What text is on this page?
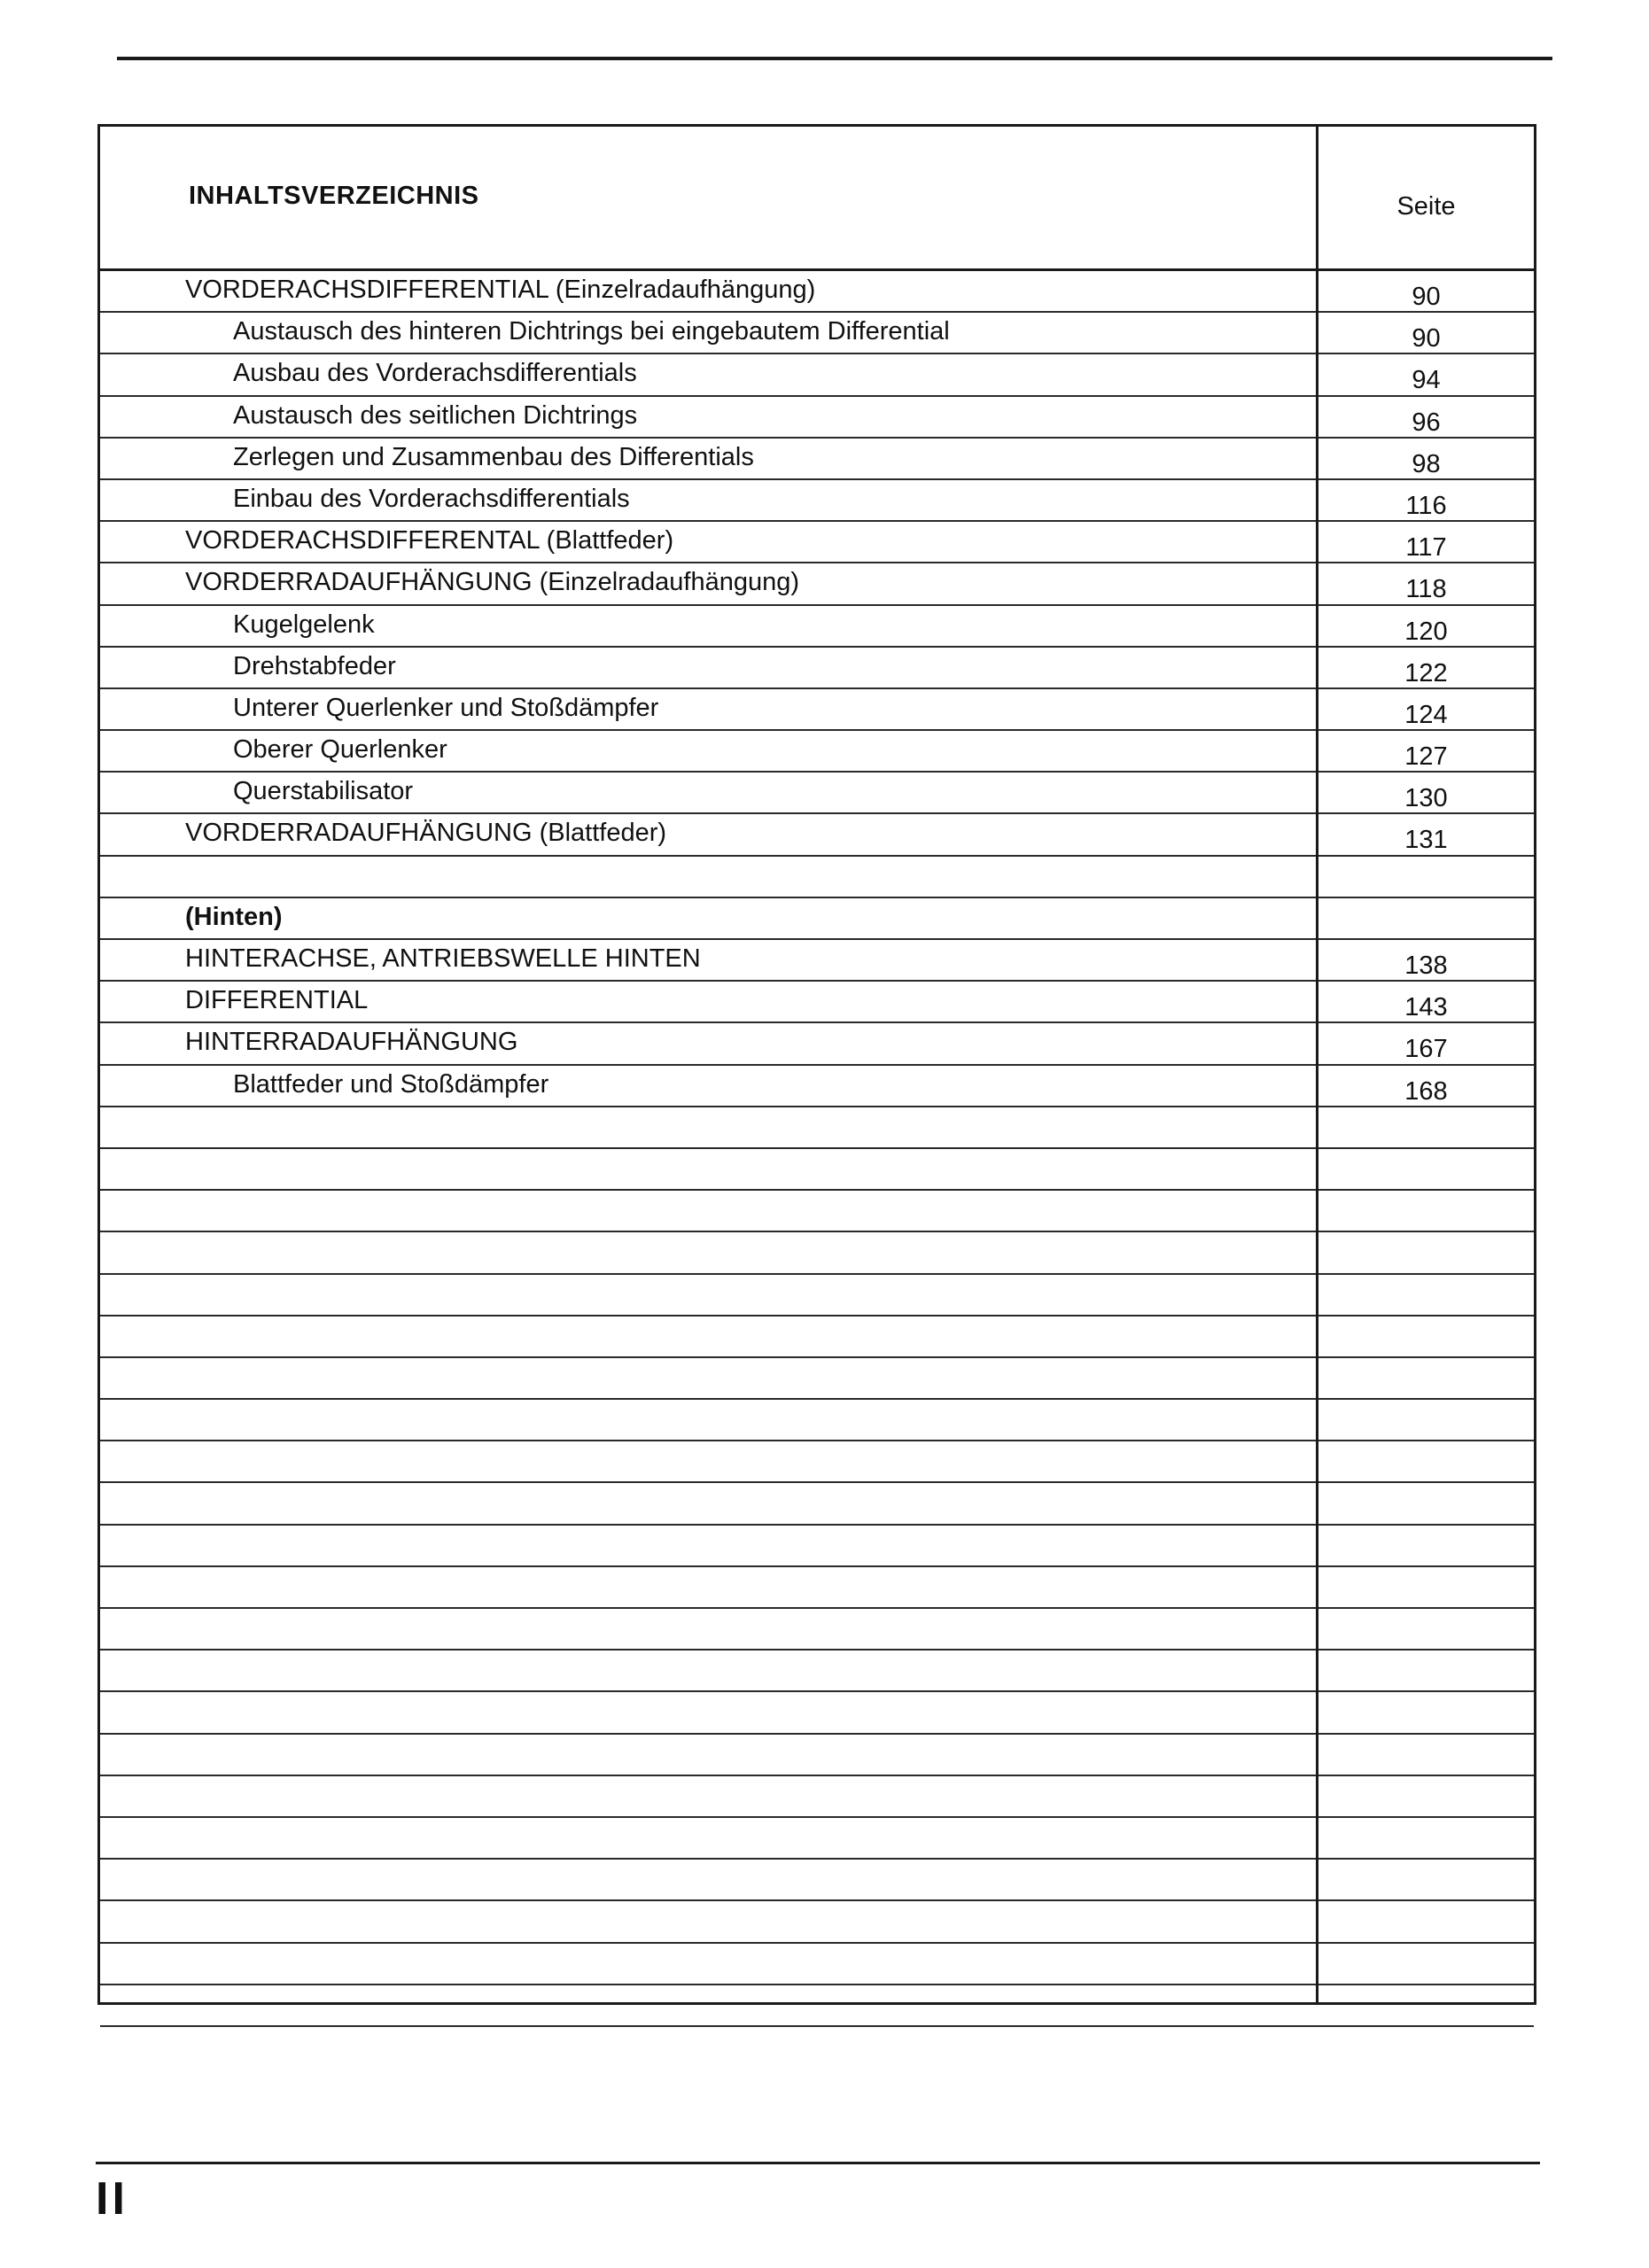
INHALTSVERZEICHNIS	Seite
VORDERACHSDIFFERENTIAL (Einzelradaufhängung)	90
Austausch des hinteren Dichtrings bei eingebautem Differential	90
Ausbau des Vorderachsdifferentials	94
Austausch des seitlichen Dichtrings	96
Zerlegen und Zusammenbau des Differentials	98
Einbau des Vorderachsdifferentials	116
VORDERACHSDIFFERENTAL (Blattfeder)	117
VORDERRADAUFHÄNGUNG (Einzelradaufhängung)	118
Kugelgelenk	120
Drehstabfeder	122
Unterer Querlenker und Stoßdämpfer	124
Oberer Querlenker	127
Querstabilisator	130
VORDERRADAUFHÄNGUNG (Blattfeder)	131
(Hinten)
HINTERACHSE, ANTRIEBSWELLE HINTEN	138
DIFFERENTIAL	143
HINTERRADAUFHÄNGUNG	167
Blattfeder und Stoßdämpfer	168
II
